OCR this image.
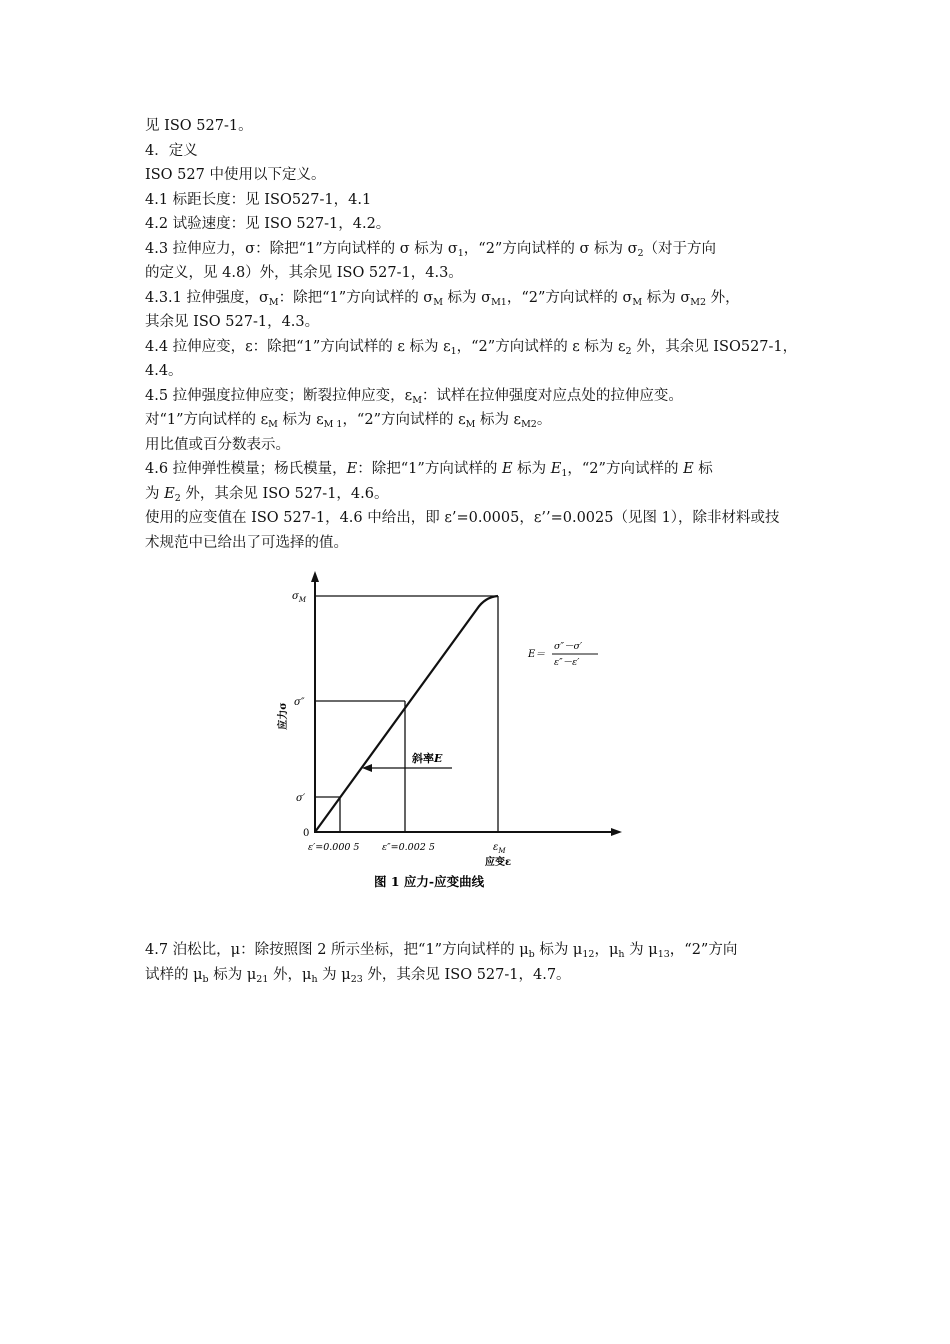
见 ISO 527-1。
4．定义
ISO 527 中使用以下定义。
4.1 标距长度：见 ISO527-1，4.1
4.2 试验速度：见 ISO 527-1，4.2。
4.3 拉伸应力，σ：除把“1”方向试样的 σ 标为 $\sigma_1$，“2”方向试样的 σ 标为 $\sigma_2$（对于方向
的定义，见 4.8）外，其余见 ISO 527-1，4.3。
4.3.1 拉伸强度，$\sigma_M$：除把“1”方向试样的 $\sigma_M$ 标为 $\sigma_{M1}$，“2”方向试样的 $\sigma_M$ 标为 $\sigma_{M2}$ 外，
其余见 ISO 527-1，4.3。
4.4 拉伸应变，ε：除把“1”方向试样的 ε 标为 $\varepsilon_1$，“2”方向试样的 ε 标为 $\varepsilon_2$ 外，其余见 ISO527-1，
4.4。
4.5 拉伸强度拉伸应变；断裂拉伸应变，$\varepsilon_M$：试样在拉伸强度对应点处的拉伸应变。
对“1”方向试样的 $\varepsilon_M$ 标为 $\varepsilon_{M 1}$，“2”方向试样的 $\varepsilon_M$ 标为 $\varepsilon_{M2}$。
用比值或百分数表示。
4.6 拉伸弹性模量；杨氏模量，E：除把“1”方向试样的 E 标为 $E_1$，“2”方向试样的 E 标
为 $E_2$ 外，其余见 ISO 527-1，4.6。
使用的应变值在 ISO 527-1，4.6 中给出，即 ε’=0.0005，ε’’=0.0025（见图 1），除非材料或技
术规范中已给出了可选择的值。
斜率E
$\sigma_M$
σ″
σ′
0
应力σ
ε′=0.000 5 ε″=0.002 5	$\varepsilon_M$
应变ε
E＝
σ″－σ′
ε″－ε′
图 1 应力-应变曲线
4.7 泊松比，μ：除按照图 2 所示坐标，把“1”方向试样的 $\mu_b$ 标为 $\mu_{12}$，$\mu_h$ 为 $\mu_{13}$，“2”方向
试样的 $\mu_b$ 标为 $\mu_{21}$ 外，$\mu_h$ 为 $\mu_{23}$ 外，其余见 ISO 527-1，4.7。
